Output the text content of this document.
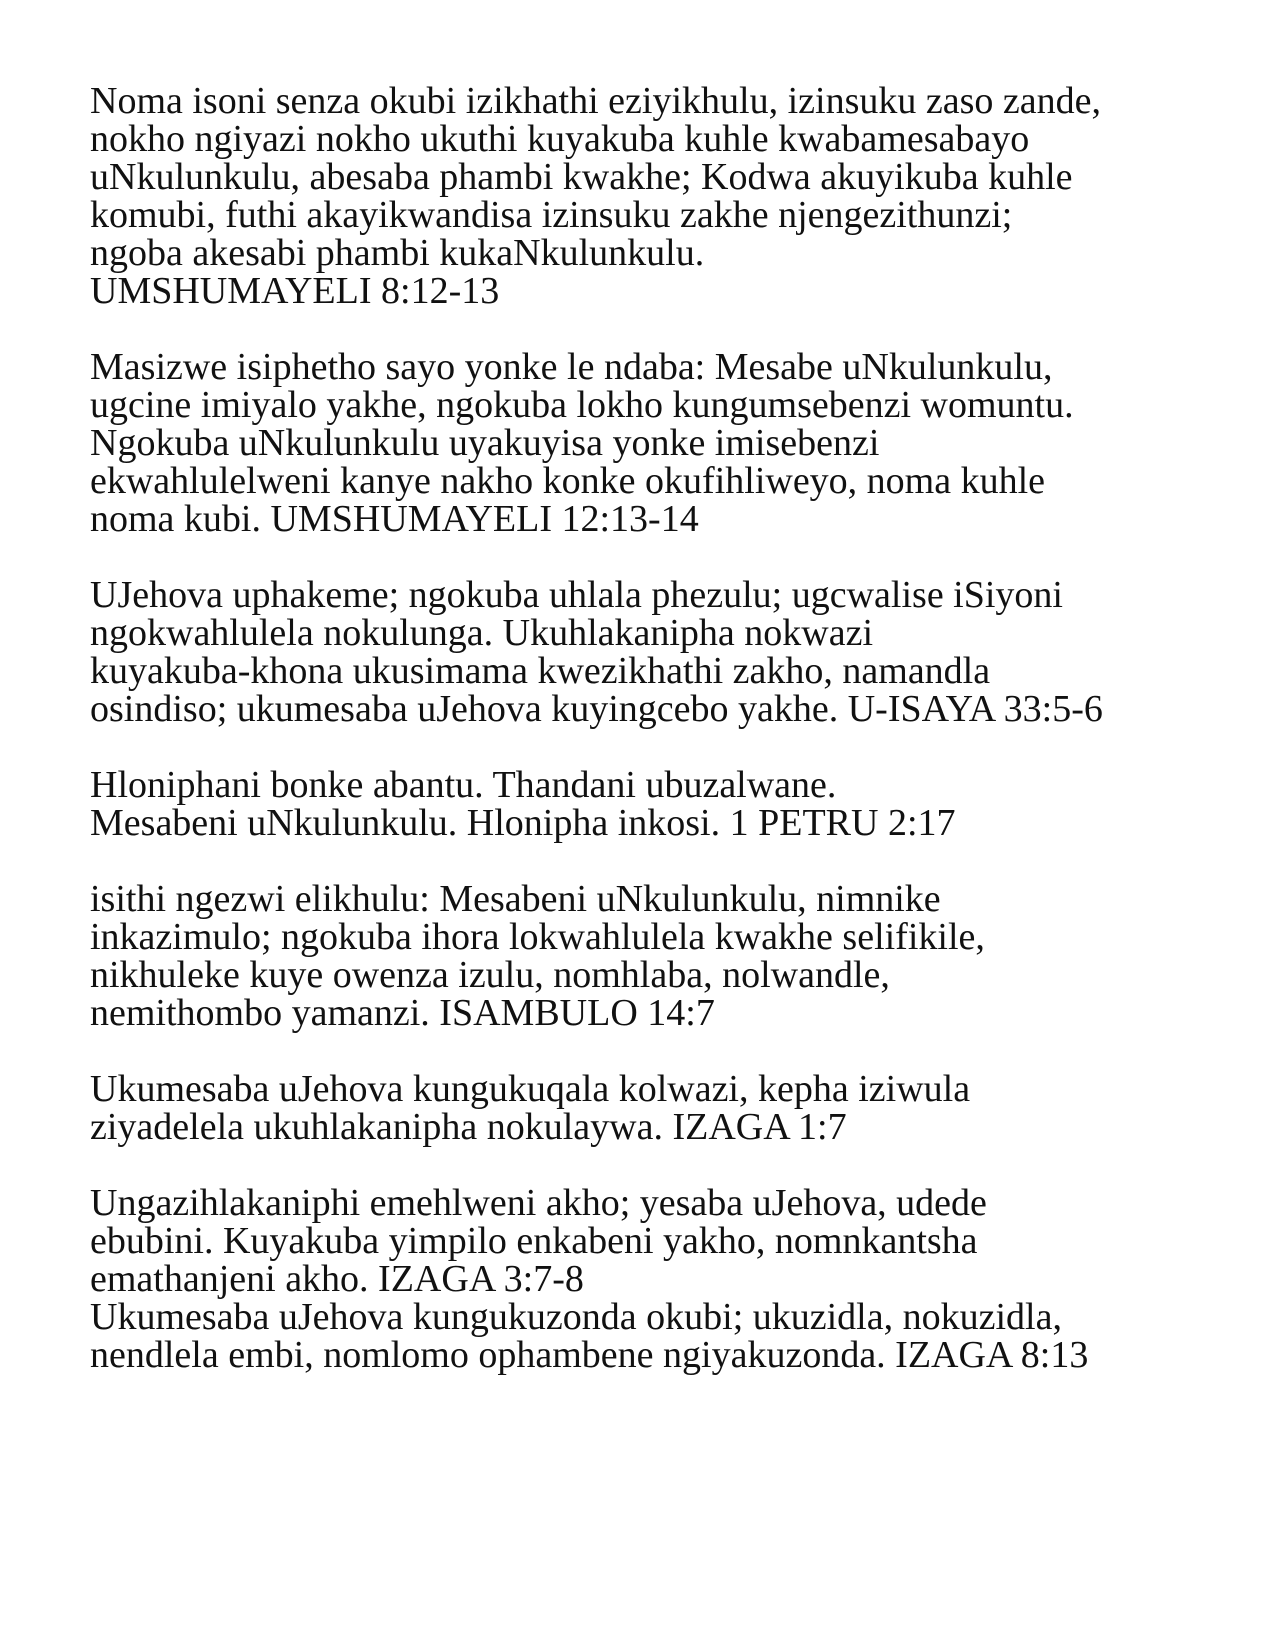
Noma isoni senza okubi izikhathi eziyikhulu, izinsuku zaso zande,
nokho ngiyazi nokho ukuthi kuyakuba kuhle kwabamesabayo
uNkulunkulu, abesaba phambi kwakhe; Kodwa akuyikuba kuhle
komubi, futhi akayikwandisa izinsuku zakhe njengezithunzi;
ngoba akesabi phambi kukaNkulunkulu.
UMSHUMAYELI 8:12-13

Masizwe isiphetho sayo yonke le ndaba: Mesabe uNkulunkulu,
ugcine imiyalo yakhe, ngokuba lokho kungumsebenzi womuntu.
Ngokuba uNkulunkulu uyakuyisa yonke imisebenzi
ekwahlulelweni kanye nakho konke okufihliweyo, noma kuhle
noma kubi. UMSHUMAYELI 12:13-14

UJehova uphakeme; ngokuba uhlala phezulu; ugcwalise iSiyoni
ngokwahlulela nokulunga. Ukuhlakanipha nokwazi
kuyakuba-khona ukusimama kwezikhathi zakho, namandla
osindiso; ukumesaba uJehova kuyingcebo yakhe. U-ISAYA 33:5-6

Hloniphani bonke abantu. Thandani ubuzalwane.
Mesabeni uNkulunkulu. Hlonipha inkosi. 1 PETRU 2:17

isithi ngezwi elikhulu: Mesabeni uNkulunkulu, nimnike
inkazimulo; ngokuba ihora lokwahlulela kwakhe selifikile,
nikhuleke kuye owenza izulu, nomhlaba, nolwandle,
nemithombo yamanzi. ISAMBULO 14:7

Ukumesaba uJehova kungukuqala kolwazi, kepha iziwula
ziyadelela ukuhlakanipha nokulaywa. IZAGA 1:7

Ungazihlakaniphi emehlweni akho; yesaba uJehova, udede
ebubini. Kuyakuba yimpilo enkabeni yakho, nomnkantsha
emathanjeni akho. IZAGA 3:7-8
Ukumesaba uJehova kungukuzonda okubi; ukuzidla, nokuzidla,
nendlela embi, nomlomo ophambene ngiyakuzonda. IZAGA 8:13
